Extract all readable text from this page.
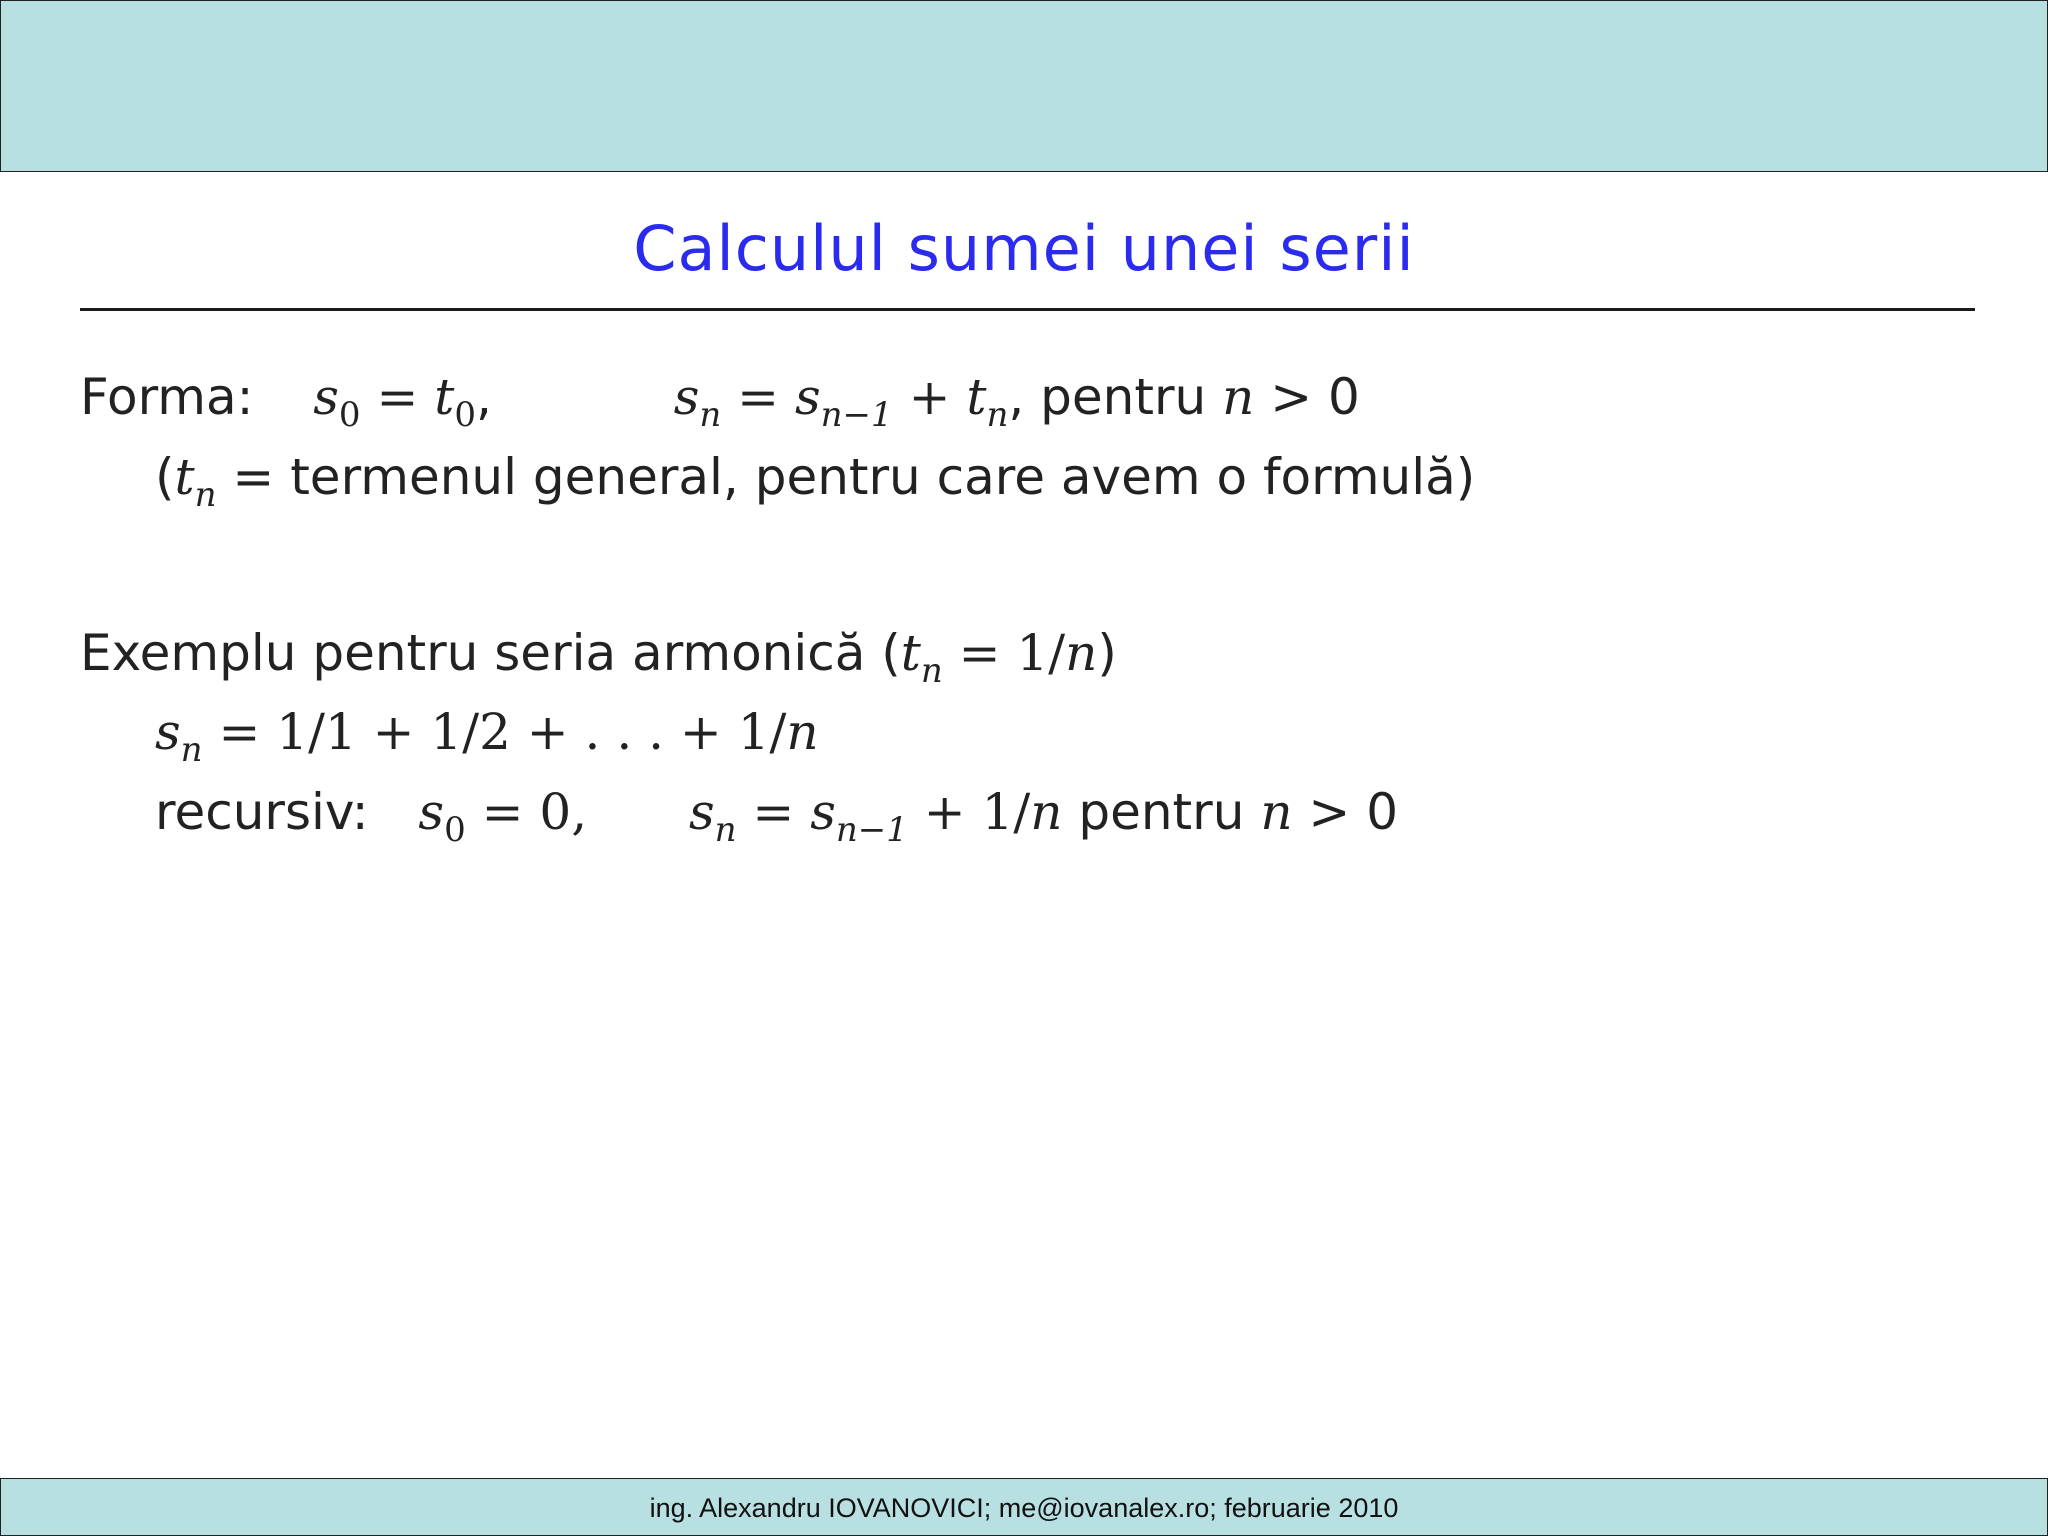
Calculul sumei unei serii
Forma: $s_0 = t_0$,	$s_n = s_{n-1} + t_n$, pentru n > 0
($t_n$ = termenul general, pentru care avem o formulă)
Exemplu pentru seria armonică $(t_n = 1/n)$
$s_n = 1/1 + 1/2$ + . . . + 1/n
recursiv: $s_0 = 0$, $s_n = s_{n-1} + 1/n$ pentru n > 0
ing. Alexandru IOVANOVICI; me@iovanalex.ro; februarie 2010
